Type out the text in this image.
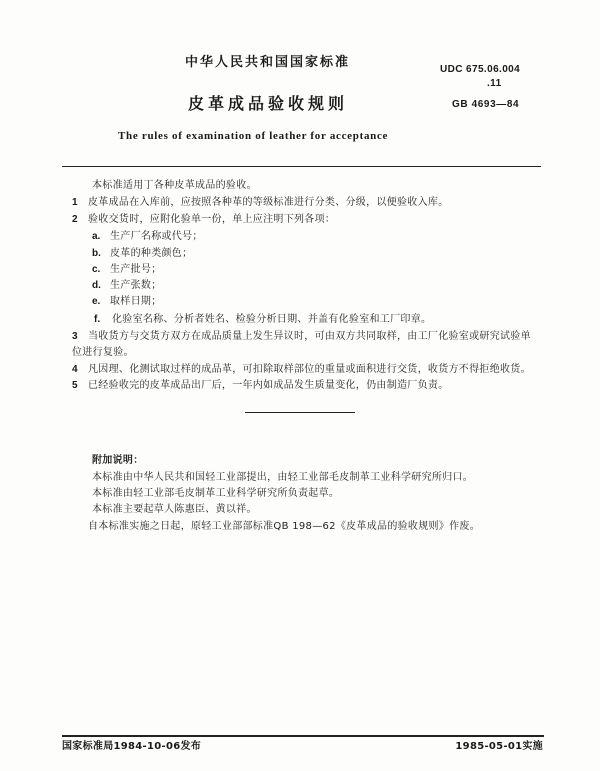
中华人民共和国国家标准	UDC 675.06.004
.11
皮革成品验收规则	GB 4693—84
The rules of examination of leather for acceptance
本标准适用丁各种皮革成品的验收。
1 皮革成品在入库前，应按照各种革的等级标准进行分类、分级，以便验收入库。
2 验收交货时，应附化验单一份，单上应注明下列各项：
a. 生产厂名称或代号；
b. 皮革的种类颜色；
c. 生产批号；
d. 生产张数；
e. 取样日期；
f. 化验室名称、分析者姓名、检验分析日期、并盖有化验室和工厂印章。
3 当收货方与交货方双方在成品质量上发生异议时，可由双方共同取样，由工厂化验室或研究试验单
位进行复验。
4 凡因理、化测试取过样的成品革，可扣除取样部位的重量或面积进行交货，收货方不得拒绝收货。
5 已经验收完的皮革成品出厂后，一年内如成品发生质量变化，仍由制造厂负责。
附加说明：
本标准由中华人民共和国轻工业部提出，由轻工业部毛皮制革工业科学研究所归口。
本标准由轻工业部毛皮制革工业科学研究所负责起草。
本标准主要起草人陈惠臣、黄以祥。
自本标准实施之日起，原轻工业部部标准QB 198—62《皮革成品的验收规则》作废。
国家标准局1984-10-06发布	1985-05-01实施
